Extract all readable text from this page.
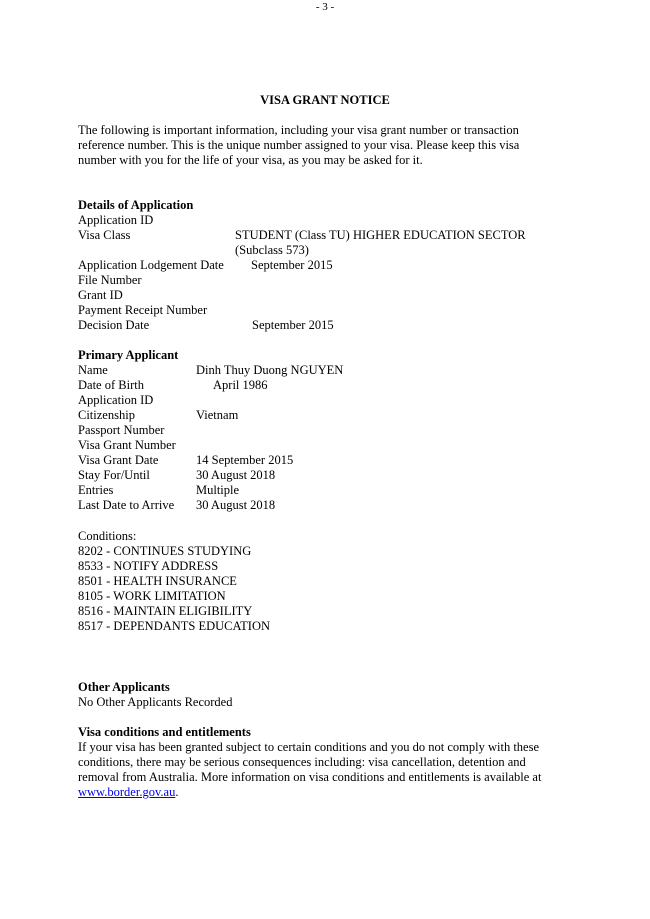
- 3 -
VISA GRANT NOTICE
The following is important information, including your visa grant number or transaction
reference number. This is the unique number assigned to your visa. Please keep this visa
number with you for the life of your visa, as you may be asked for it.
Details of Application
Application ID
Visa Class	STUDENT (Class TU) HIGHER EDUCATION SECTOR
(Subclass 573)
Application Lodgement Date September 2015
File Number
Grant ID
Payment Receipt Number
Decision Date	September 2015
Primary Applicant
Name	Dinh Thuy Duong NGUYEN
Date of Birth	April 1986
Application ID
Citizenship	Vietnam
Passport Number
Visa Grant Number
Visa Grant Date	14 September 2015
Stay For/Until	30 August 2018
Entries	Multiple
Last Date to Arrive 30 August 2018
Conditions:
8202 - CONTINUES STUDYING
8533 - NOTIFY ADDRESS
8501 - HEALTH INSURANCE
8105 - WORK LIMITATION
8516 - MAINTAIN ELIGIBILITY
8517 - DEPENDANTS EDUCATION
Other Applicants
No Other Applicants Recorded
Visa conditions and entitlements
If your visa has been granted subject to certain conditions and you do not comply with these
conditions, there may be serious consequences including: visa cancellation, detention and
removal from Australia. More information on visa conditions and entitlements is available at
www.border.gov.au.
